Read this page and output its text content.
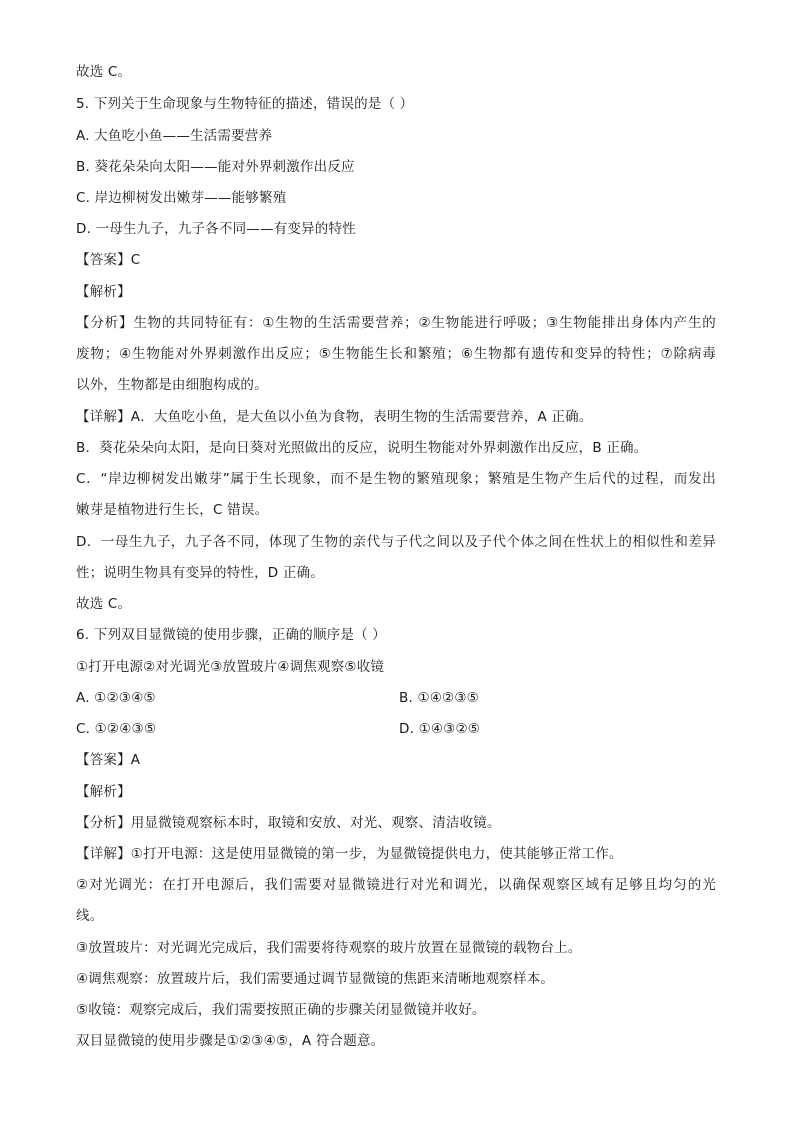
故选 C。
5. 下列关于生命现象与生物特征的描述，错误的是（ ）
A. 大鱼吃小鱼——生活需要营养
B. 葵花朵朵向太阳——能对外界刺激作出反应
C. 岸边柳树发出嫩芽——能够繁殖
D. 一母生九子，九子各不同——有变异的特性
【答案】C
【解析】
【分析】生物的共同特征有：①生物的生活需要营养；②生物能进行呼吸；③生物能排出身体内产生的
废物；④生物能对外界刺激作出反应；⑤生物能生长和繁殖；⑥生物都有遗传和变异的特性；⑦除病毒
以外，生物都是由细胞构成的。
【详解】A．大鱼吃小鱼，是大鱼以小鱼为食物，表明生物的生活需要营养，A 正确。
B．葵花朵朵向太阳，是向日葵对光照做出的反应，说明生物能对外界刺激作出反应，B 正确。
C．“岸边柳树发出嫩芽”属于生长现象，而不是生物的繁殖现象；繁殖是生物产生后代的过程，而发出
嫩芽是植物进行生长，C 错误。
D．一母生九子，九子各不同，体现了生物的亲代与子代之间以及子代个体之间在性状上的相似性和差异
性；说明生物具有变异的特性，D 正确。
故选 C。
6. 下列双目显微镜的使用步骤，正确的顺序是（ ）
①打开电源②对光调光③放置玻片④调焦观察⑤收镜
A. ①②③④⑤	B. ①④②③⑤
C. ①②④③⑤	D. ①④③②⑤
【答案】A
【解析】
【分析】用显微镜观察标本时，取镜和安放、对光、观察、清洁收镜。
【详解】①打开电源：这是使用显微镜的第一步，为显微镜提供电力，使其能够正常工作。
②对光调光：在打开电源后，我们需要对显微镜进行对光和调光，以确保观察区域有足够且均匀的光
线。
③放置玻片：对光调光完成后，我们需要将待观察的玻片放置在显微镜的载物台上。
④调焦观察：放置玻片后，我们需要通过调节显微镜的焦距来清晰地观察样本。
⑤收镜：观察完成后，我们需要按照正确的步骤关闭显微镜并收好。
双目显微镜的使用步骤是①②③④⑤，A 符合题意。
